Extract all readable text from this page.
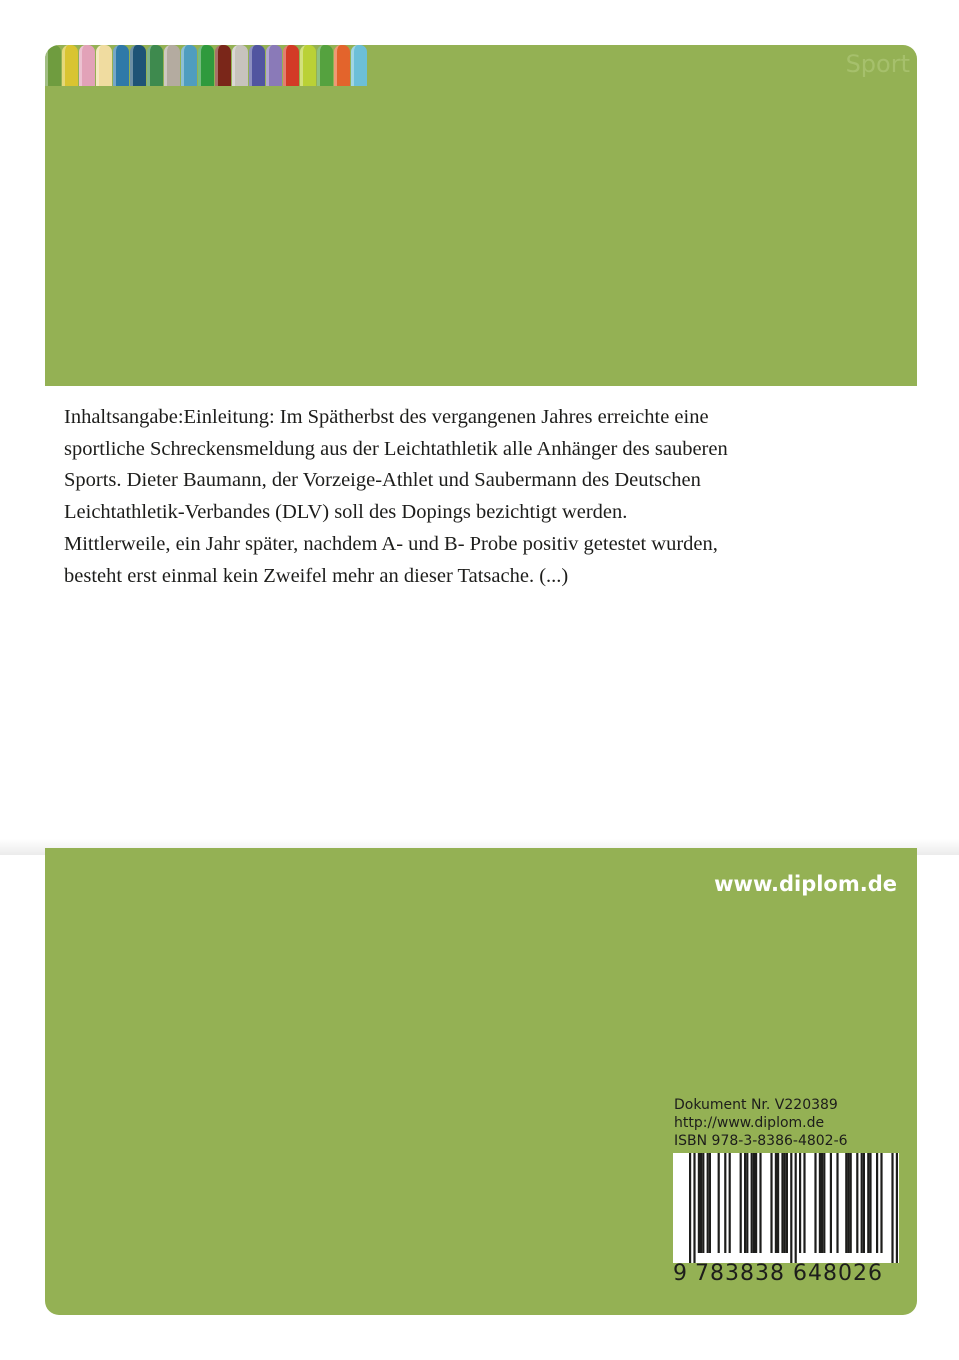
Sport
Inhaltsangabe:Einleitung: Im Spätherbst des vergangenen Jahres erreichte eine
sportliche Schreckensmeldung aus der Leichtathletik alle Anhänger des sauberen
Sports. Dieter Baumann, der Vorzeige-Athlet und Saubermann des Deutschen
Leichtathletik-Verbandes (DLV) soll des Dopings bezichtigt werden.
Mittlerweile, ein Jahr später, nachdem A- und B- Probe positiv getestet wurden,
besteht erst einmal kein Zweifel mehr an dieser Tatsache. (...)
www.diplom.de
Dokument Nr. V220389
http://www.diplom.de
ISBN 978-3-8386-4802-6
9 783838 648026
